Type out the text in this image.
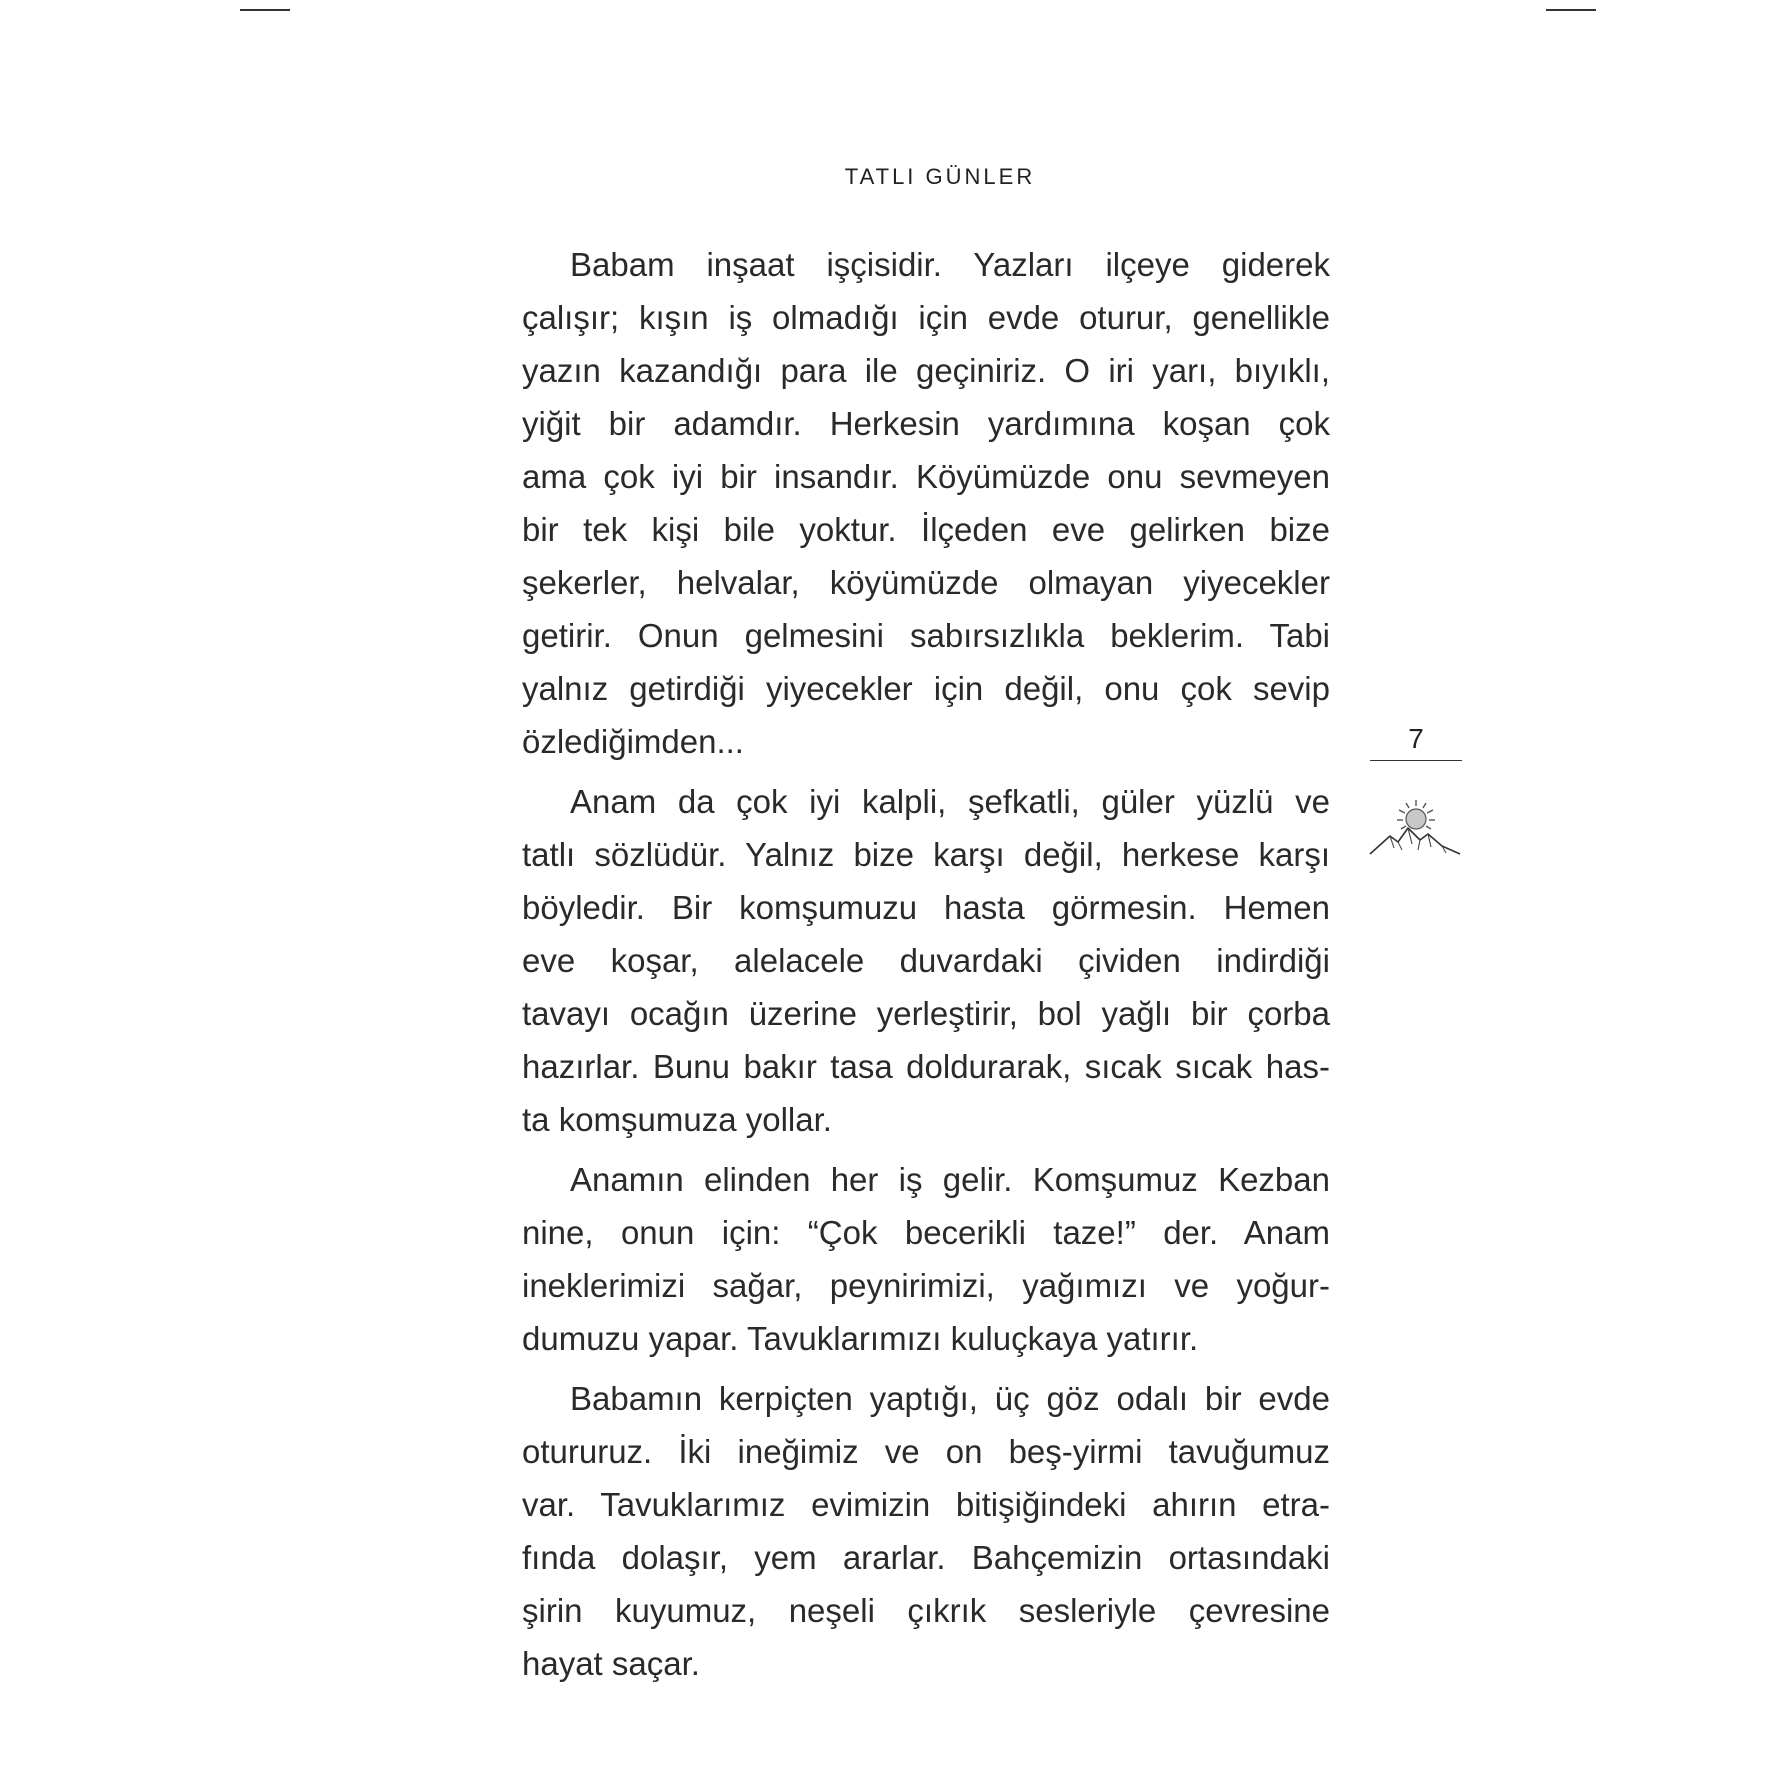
TATLI GÜNLER
Babam inşaat işçisidir. Yazları ilçeye giderek
çalışır; kışın iş olmadığı için evde oturur, genellikle
yazın kazandığı para ile geçiniriz. O iri yarı, bıyıklı,
yiğit bir adamdır. Herkesin yardımına koşan çok
ama çok iyi bir insandır. Köyümüzde onu sevmeyen
bir tek kişi bile yoktur. İlçeden eve gelirken bize
şekerler, helvalar, köyümüzde olmayan yiyecekler
getirir. Onun gelmesini sabırsızlıkla beklerim. Tabi
yalnız getirdiği yiyecekler için değil, onu çok sevip
özlediğimden...
Anam da çok iyi kalpli, şefkatli, güler yüzlü ve
tatlı sözlüdür. Yalnız bize karşı değil, herkese karşı
böyledir. Bir komşumuzu hasta görmesin. Hemen
eve koşar, alelacele duvardaki çividen indirdiği
tavayı ocağın üzerine yerleştirir, bol yağlı bir çorba
hazırlar. Bunu bakır tasa doldurarak, sıcak sıcak has-
ta komşumuza yollar.
Anamın elinden her iş gelir. Komşumuz Kezban
nine, onun için: “Çok becerikli taze!” der. Anam
ineklerimizi sağar, peynirimizi, yağımızı ve yoğur-
dumuzu yapar. Tavuklarımızı kuluçkaya yatırır.
Babamın kerpiçten yaptığı, üç göz odalı bir evde
otururuz. İki ineğimiz ve on beş-yirmi tavuğumuz
var. Tavuklarımız evimizin bitişiğindeki ahırın etra-
fında dolaşır, yem ararlar. Bahçemizin ortasındaki
şirin kuyumuz, neşeli çıkrık sesleriyle çevresine
hayat saçar.
7
